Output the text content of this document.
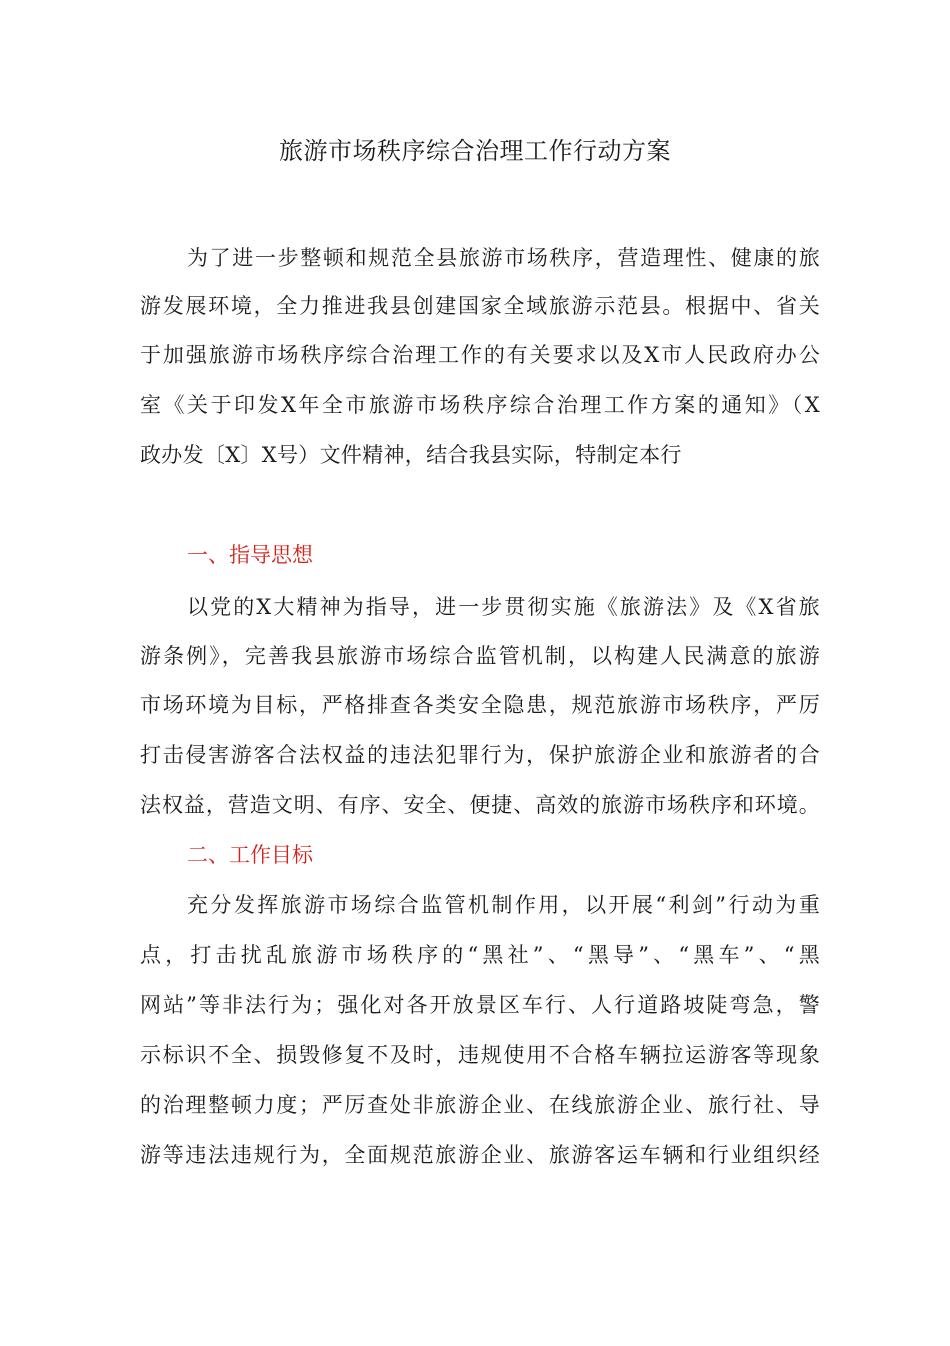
旅游市场秩序综合治理工作行动方案
为了进一步整顿和规范全县旅游市场秩序，营造理性、健康的旅
游发展环境，全力推进我县创建国家全域旅游示范县。根据中、省关
于加强旅游市场秩序综合治理工作的有关要求以及X市人民政府办公
室《关于印发X年全市旅游市场秩序综合治理工作方案的通知》（X
政办发〔X〕X号）文件精神，结合我县实际，特制定本行
一、指导思想
以党的X大精神为指导，进一步贯彻实施《旅游法》及《X省旅
游条例》，完善我县旅游市场综合监管机制，以构建人民满意的旅游
市场环境为目标，严格排查各类安全隐患，规范旅游市场秩序，严厉
打击侵害游客合法权益的违法犯罪行为，保护旅游企业和旅游者的合
法权益，营造文明、有序、安全、便捷、高效的旅游市场秩序和环境。
二、工作目标
充分发挥旅游市场综合监管机制作用，以开展“利剑”行动为重
点，打击扰乱旅游市场秩序的“黑社”、“黑导”、“黑车”、“黑
网站”等非法行为；强化对各开放景区车行、人行道路坡陡弯急，警
示标识不全、损毁修复不及时，违规使用不合格车辆拉运游客等现象
的治理整顿力度；严厉查处非旅游企业、在线旅游企业、旅行社、导
游等违法违规行为，全面规范旅游企业、旅游客运车辆和行业组织经
